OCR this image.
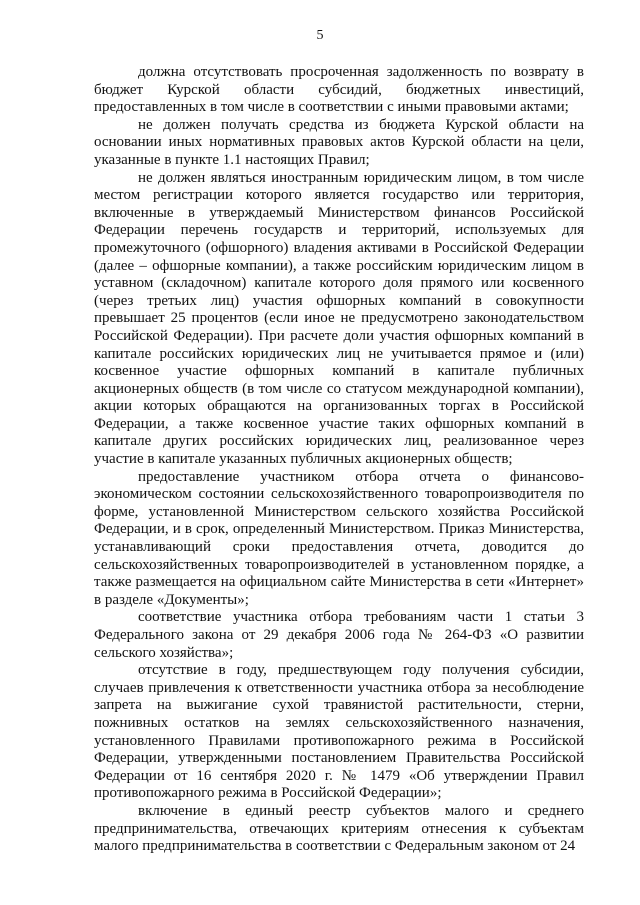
5

должна отсутствовать просроченная задолженность по возврату в бюджет Курской области субсидий, бюджетных инвестиций, предоставленных в том числе в соответствии с иными правовыми актами;

не должен получать средства из бюджета Курской области на основании иных нормативных правовых актов Курской области на цели, указанные в пункте 1.1 настоящих Правил;

не должен являться иностранным юридическим лицом, в том числе местом регистрации которого является государство или территория, включенные в утверждаемый Министерством финансов Российской Федерации перечень государств и территорий, используемых для промежуточного (офшорного) владения активами в Российской Федерации (далее – офшорные компании), а также российским юридическим лицом в уставном (складочном) капитале которого доля прямого или косвенного (через третьих лиц) участия офшорных компаний в совокупности превышает 25 процентов (если иное не предусмотрено законодательством Российской Федерации). При расчете доли участия офшорных компаний в капитале российских юридических лиц не учитывается прямое и (или) косвенное участие офшорных компаний в капитале публичных акционерных обществ (в том числе со статусом международной компании), акции которых обращаются на организованных торгах в Российской Федерации, а также косвенное участие таких офшорных компаний в капитале других российских юридических лиц, реализованное через участие в капитале указанных публичных акционерных обществ;

предоставление участником отбора отчета о финансово-экономическом состоянии сельскохозяйственного товаропроизводителя по форме, установленной Министерством сельского хозяйства Российской Федерации, и в срок, определенный Министерством. Приказ Министерства, устанавливающий сроки предоставления отчета, доводится до сельскохозяйственных товаропроизводителей в установленном порядке, а также размещается на официальном сайте Министерства в сети «Интернет» в разделе «Документы»;

соответствие участника отбора требованиям части 1 статьи 3 Федерального закона от 29 декабря 2006 года № 264-ФЗ «О развитии сельского хозяйства»;

отсутствие в году, предшествующем году получения субсидии, случаев привлечения к ответственности участника отбора за несоблюдение запрета на выжигание сухой травянистой растительности, стерни, пожнивных остатков на землях сельскохозяйственного назначения, установленного Правилами противопожарного режима в Российской Федерации, утвержденными постановлением Правительства Российской Федерации от 16 сентября 2020 г. № 1479 «Об утверждении Правил противопожарного режима в Российской Федерации»;

включение в единый реестр субъектов малого и среднего предпринимательства, отвечающих критериям отнесения к субъектам малого предпринимательства в соответствии с Федеральным законом от 24
